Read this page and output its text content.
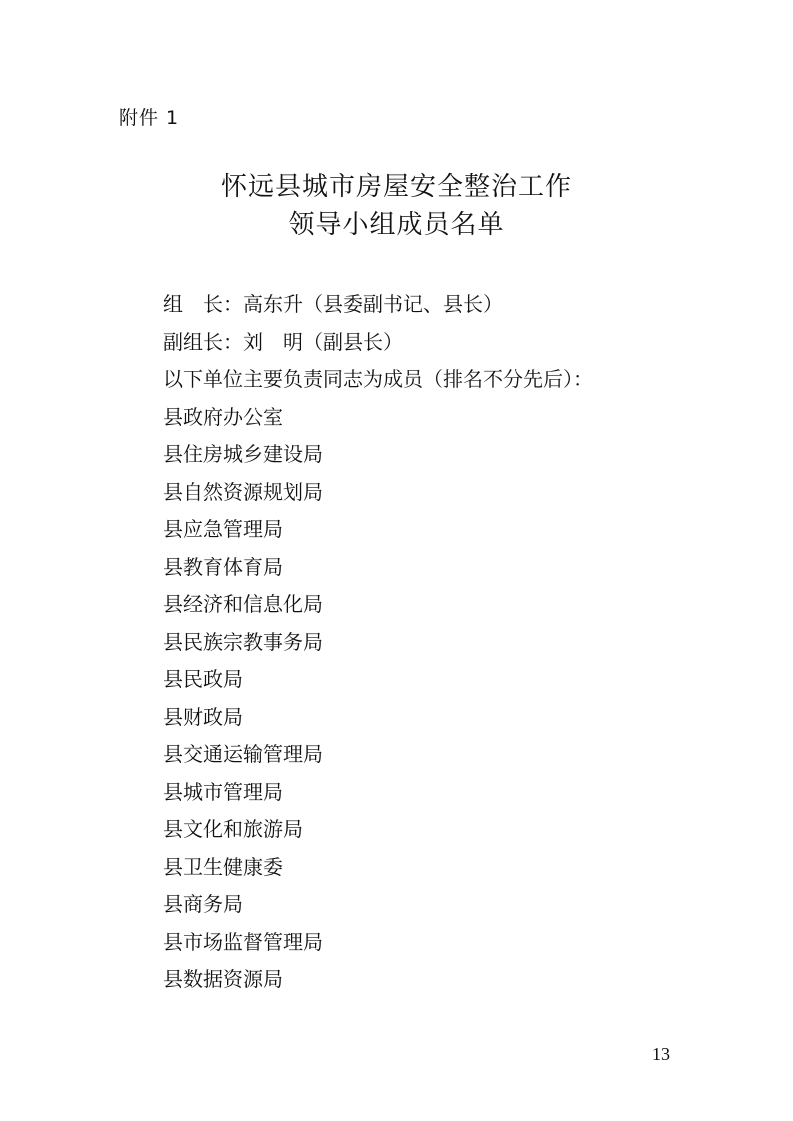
附件 1
怀远县城市房屋安全整治工作
领导小组成员名单
组　长：高东升（县委副书记、县长）
副组长：刘　明（副县长）
以下单位主要负责同志为成员（排名不分先后）：
县政府办公室
县住房城乡建设局
县自然资源规划局
县应急管理局
县教育体育局
县经济和信息化局
县民族宗教事务局
县民政局
县财政局
县交通运输管理局
县城市管理局
县文化和旅游局
县卫生健康委
县商务局
县市场监督管理局
县数据资源局
13
